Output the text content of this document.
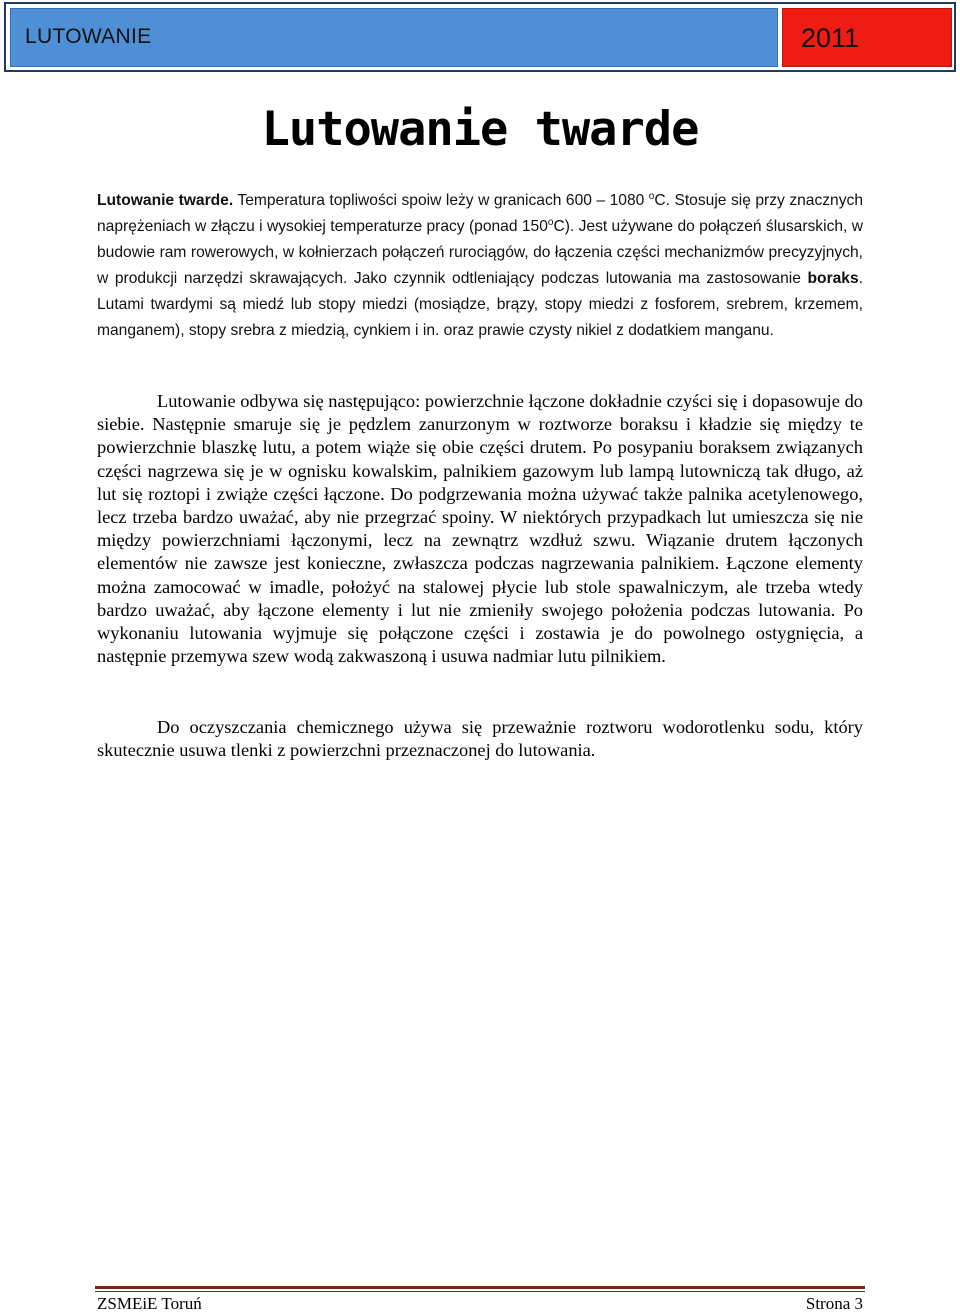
LUTOWANIE	2011
Lutowanie twarde
Lutowanie twarde. Temperatura topliwości spoiw leży w granicach 600 – 1080 $^o$C. Stosuje się przy znacznych naprężeniach w złączu i wysokiej temperaturze pracy (ponad 150$^o$C). Jest używane do połączeń ślusarskich, w budowie ram rowerowych, w kołnierzach połączeń rurociągów, do łączenia części mechanizmów precyzyjnych, w produkcji narzędzi skrawających. Jako czynnik odtleniający podczas lutowania ma zastosowanie boraks. Lutami twardymi są miedź lub stopy miedzi (mosiądze, brązy, stopy miedzi z fosforem, srebrem, krzemem, manganem), stopy srebra z miedzią, cynkiem i in. oraz prawie czysty nikiel z dodatkiem manganu.
Lutowanie odbywa się następująco: powierzchnie łączone dokładnie czyści się i dopasowuje do siebie. Następnie smaruje się je pędzlem zanurzonym w roztworze boraksu i kładzie się między te powierzchnie blaszkę lutu, a potem wiąże się obie części drutem. Po posypaniu boraksem związanych części nagrzewa się je w ognisku kowalskim, palnikiem gazowym lub lampą lutowniczą tak długo, aż lut się roztopi i zwiąże części łączone. Do podgrzewania można używać także palnika acetylenowego, lecz trzeba bardzo uważać, aby nie przegrzać spoiny. W niektórych przypadkach lut umieszcza się nie między powierzchniami łączonymi, lecz na zewnątrz wzdłuż szwu. Wiązanie drutem łączonych elementów nie zawsze jest konieczne, zwłaszcza podczas nagrzewania palnikiem. Łączone elementy można zamocować w imadle, położyć na stalowej płycie lub stole spawalniczym, ale trzeba wtedy bardzo uważać, aby łączone elementy i lut nie zmieniły swojego położenia podczas lutowania. Po wykonaniu lutowania wyjmuje się połączone części i zostawia je do powolnego ostygnięcia, a następnie przemywa szew wodą zakwaszoną i usuwa nadmiar lutu pilnikiem.
Do oczyszczania chemicznego używa się przeważnie roztworu wodorotlenku sodu, który skutecznie usuwa tlenki z powierzchni przeznaczonej do lutowania.
ZSMEiE Toruń	Strona 3
